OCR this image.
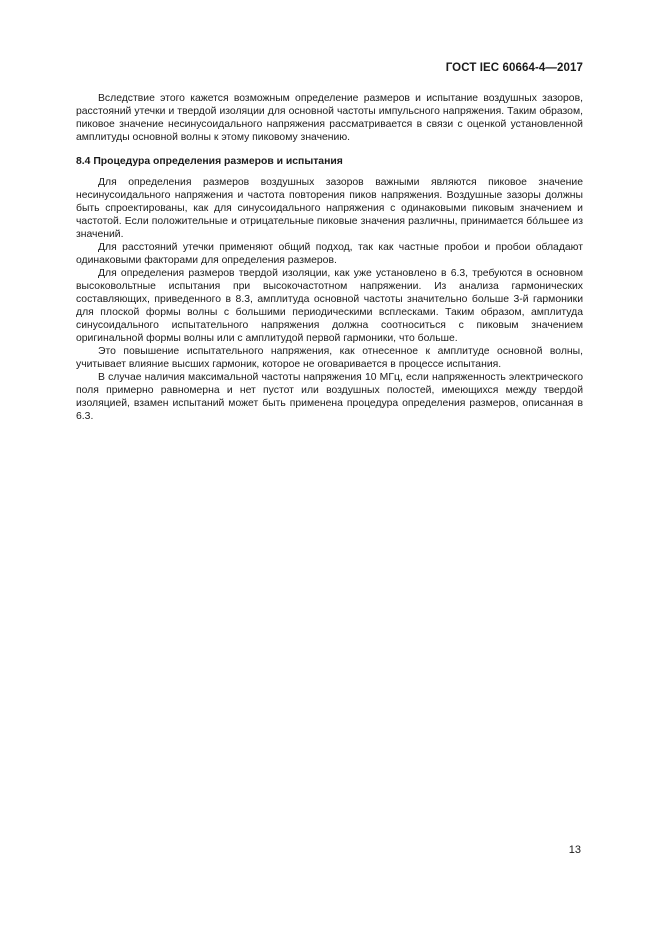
ГОСТ IEC 60664-4—2017

Вследствие этого кажется возможным определение размеров и испытание воздушных зазоров, расстояний утечки и твердой изоляции для основной частоты импульсного напряжения. Таким образом, пиковое значение несинусоидального напряжения рассматривается в связи с оценкой установленной амплитуды основной волны к этому пиковому значению.

8.4 Процедура определения размеров и испытания

Для определения размеров воздушных зазоров важными являются пиковое значение несинусоидального напряжения и частота повторения пиков напряжения. Воздушные зазоры должны быть спроектированы, как для синусоидального напряжения с одинаковыми пиковым значением и частотой. Если положительные и отрицательные пиковые значения различны, принимается бóльшее из значений.

Для расстояний утечки применяют общий подход, так как частные пробои и пробои обладают одинаковыми факторами для определения размеров.

Для определения размеров твердой изоляции, как уже установлено в 6.3, требуются в основном высоковольтные испытания при высокочастотном напряжении. Из анализа гармонических составляющих, приведенного в 8.3, амплитуда основной частоты значительно больше 3-й гармоники для плоской формы волны с большими периодическими всплесками. Таким образом, амплитуда синусоидального испытательного напряжения должна соотноситься с пиковым значением оригинальной формы волны или с амплитудой первой гармоники, что больше.

Это повышение испытательного напряжения, как отнесенное к амплитуде основной волны, учитывает влияние высших гармоник, которое не оговаривается в процессе испытания.

В случае наличия максимальной частоты напряжения 10 МГц, если напряженность электрического поля примерно равномерна и нет пустот или воздушных полостей, имеющихся между твердой изоляцией, взамен испытаний может быть применена процедура определения размеров, описанная в 6.3.

13
